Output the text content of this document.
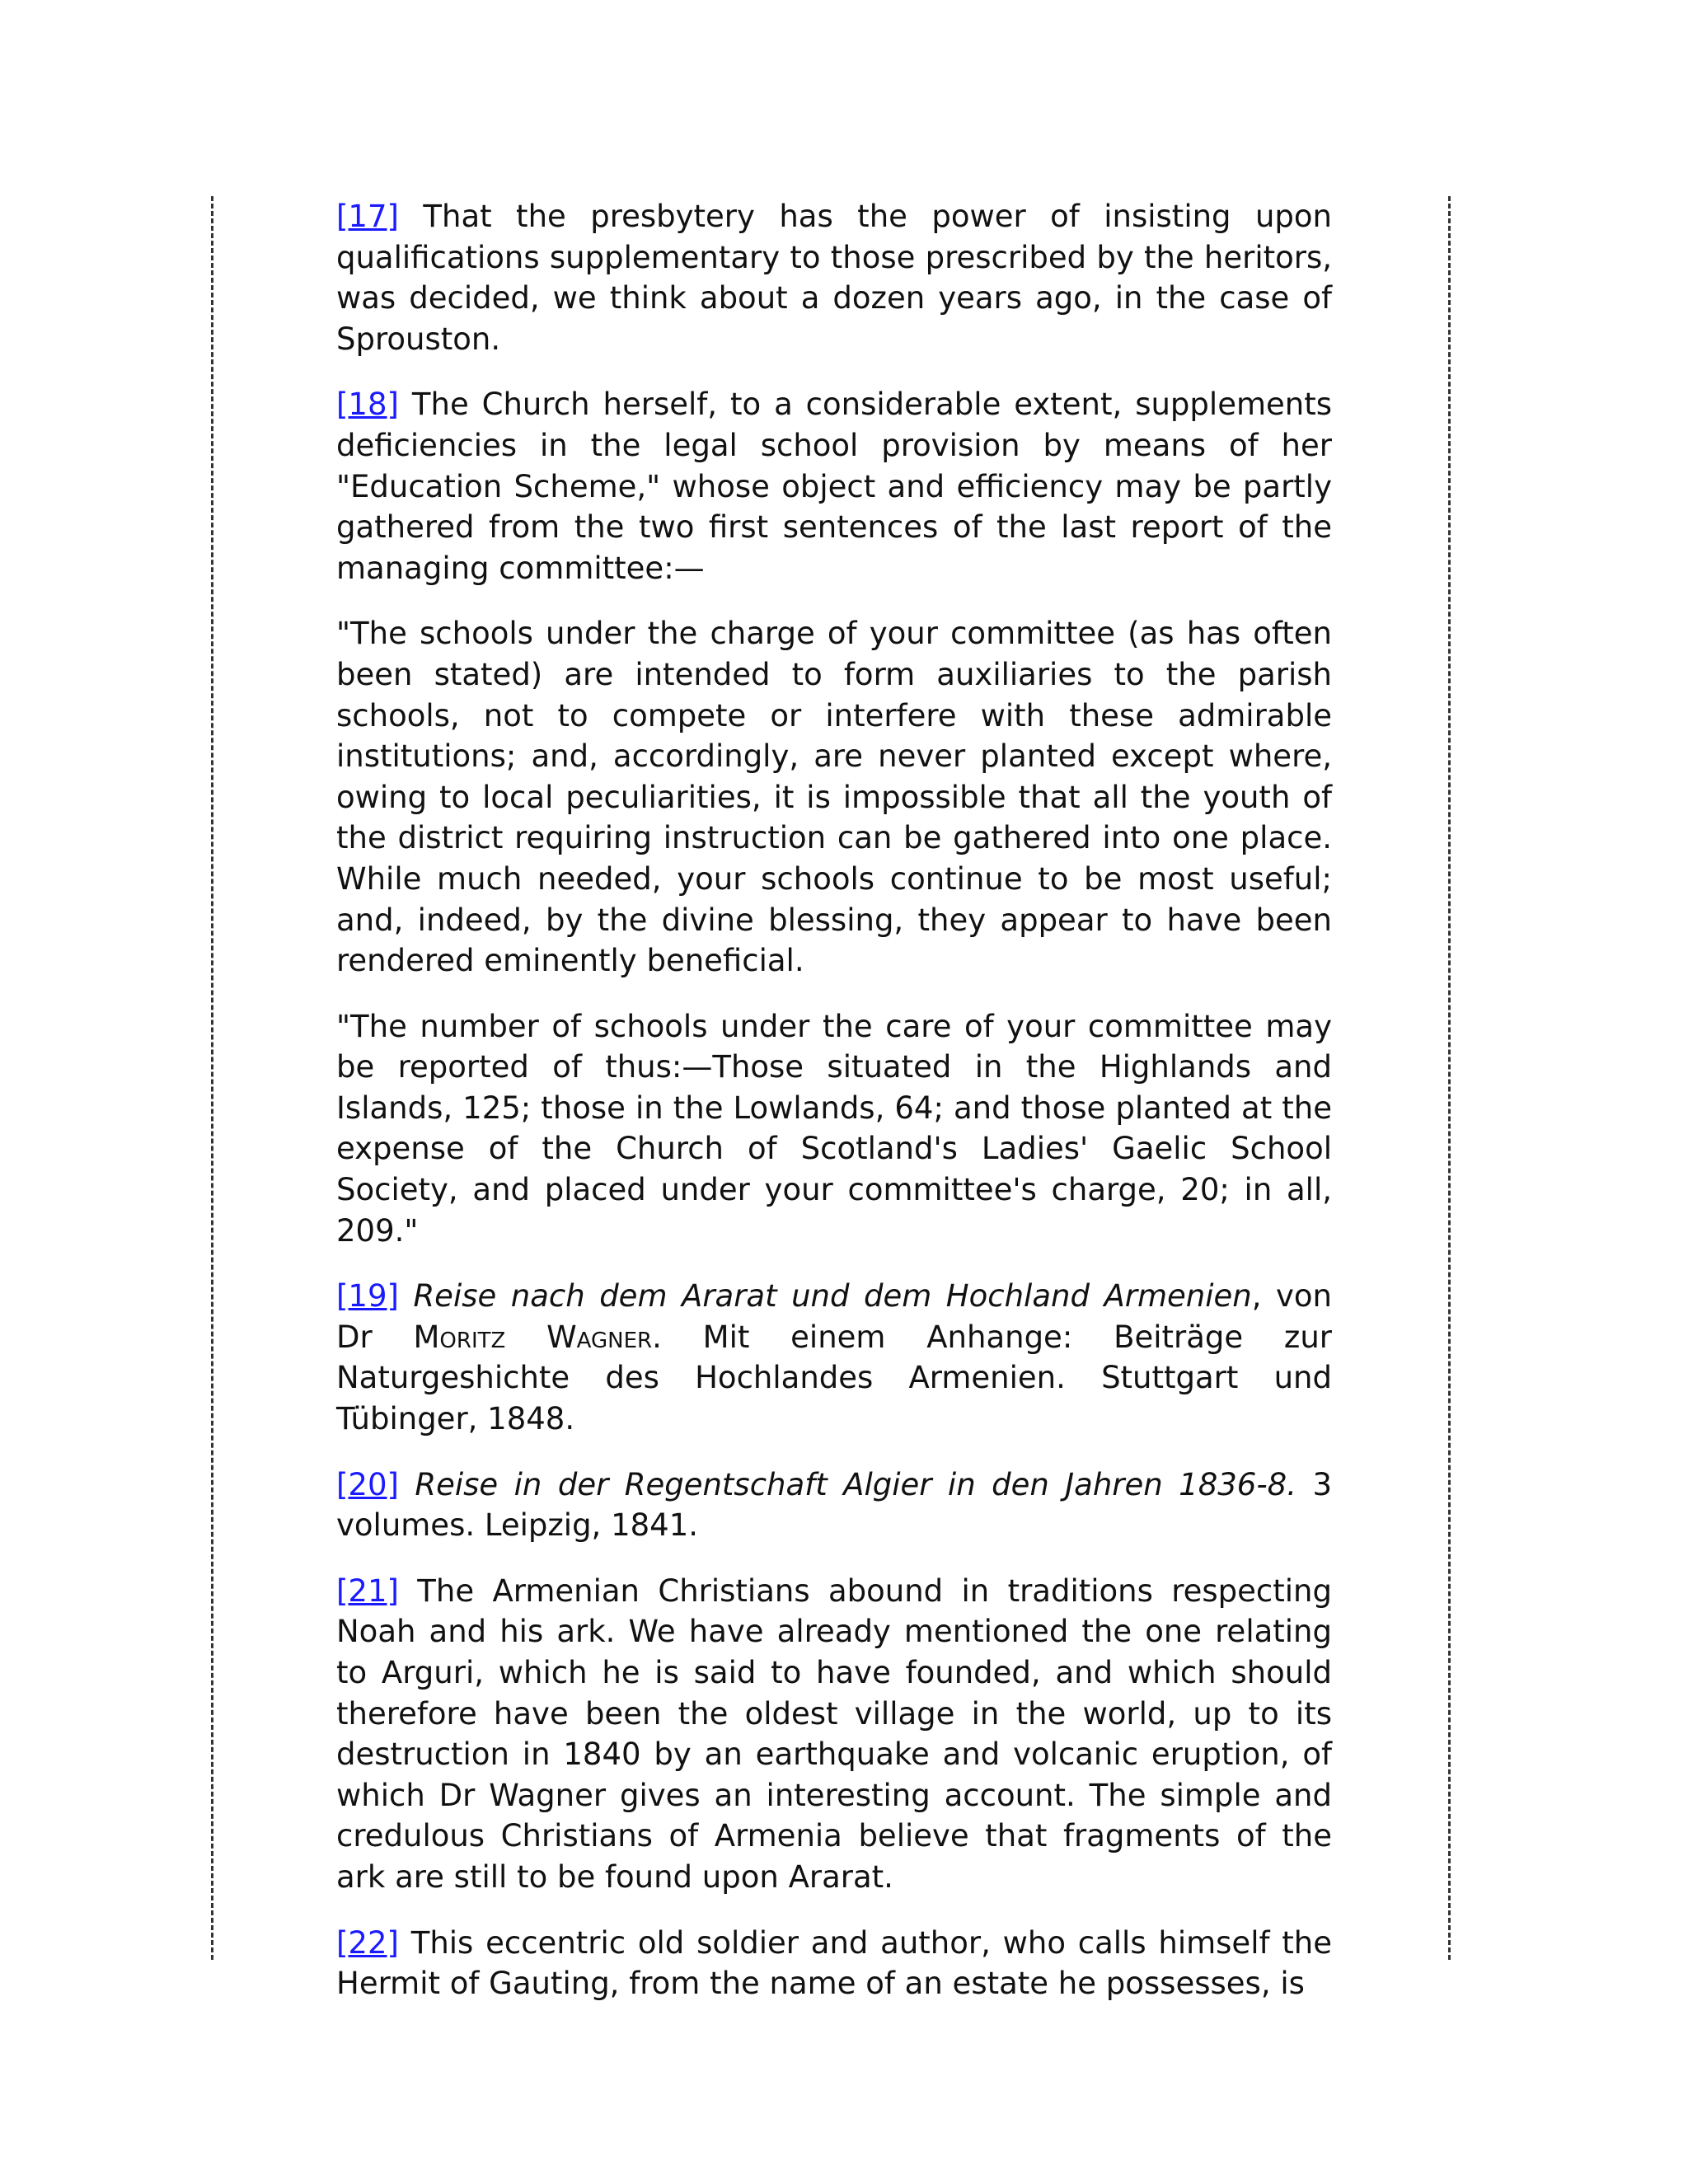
[17] That the presbytery has the power of insisting upon qualifications supplementary to those prescribed by the heritors, was decided, we think about a dozen years ago, in the case of Sprouston.

[18] The Church herself, to a considerable extent, supplements deficiencies in the legal school provision by means of her "Education Scheme," whose object and efficiency may be partly gathered from the two first sentences of the last report of the managing committee:—

"The schools under the charge of your committee (as has often been stated) are intended to form auxiliaries to the parish schools, not to compete or interfere with these admirable institutions; and, accordingly, are never planted except where, owing to local peculiarities, it is impossible that all the youth of the district requiring instruction can be gathered into one place. While much needed, your schools continue to be most useful; and, indeed, by the divine blessing, they appear to have been rendered eminently beneficial.

"The number of schools under the care of your committee may be reported of thus:—Those situated in the Highlands and Islands, 125; those in the Lowlands, 64; and those planted at the expense of the Church of Scotland's Ladies' Gaelic School Society, and placed under your committee's charge, 20; in all, 209."

[19] Reise nach dem Ararat und dem Hochland Armenien, von Dr Moritz Wagner. Mit einem Anhange: Beiträge zur Naturgeshichte des Hochlandes Armenien. Stuttgart und Tübinger, 1848.

[20] Reise in der Regentschaft Algier in den Jahren 1836-8. 3 volumes. Leipzig, 1841.

[21] The Armenian Christians abound in traditions respecting Noah and his ark. We have already mentioned the one relating to Arguri, which he is said to have founded, and which should therefore have been the oldest village in the world, up to its destruction in 1840 by an earthquake and volcanic eruption, of which Dr Wagner gives an interesting account. The simple and credulous Christians of Armenia believe that fragments of the ark are still to be found upon Ararat.

[22] This eccentric old soldier and author, who calls himself the Hermit of Gauting, from the name of an estate he possesses, is
